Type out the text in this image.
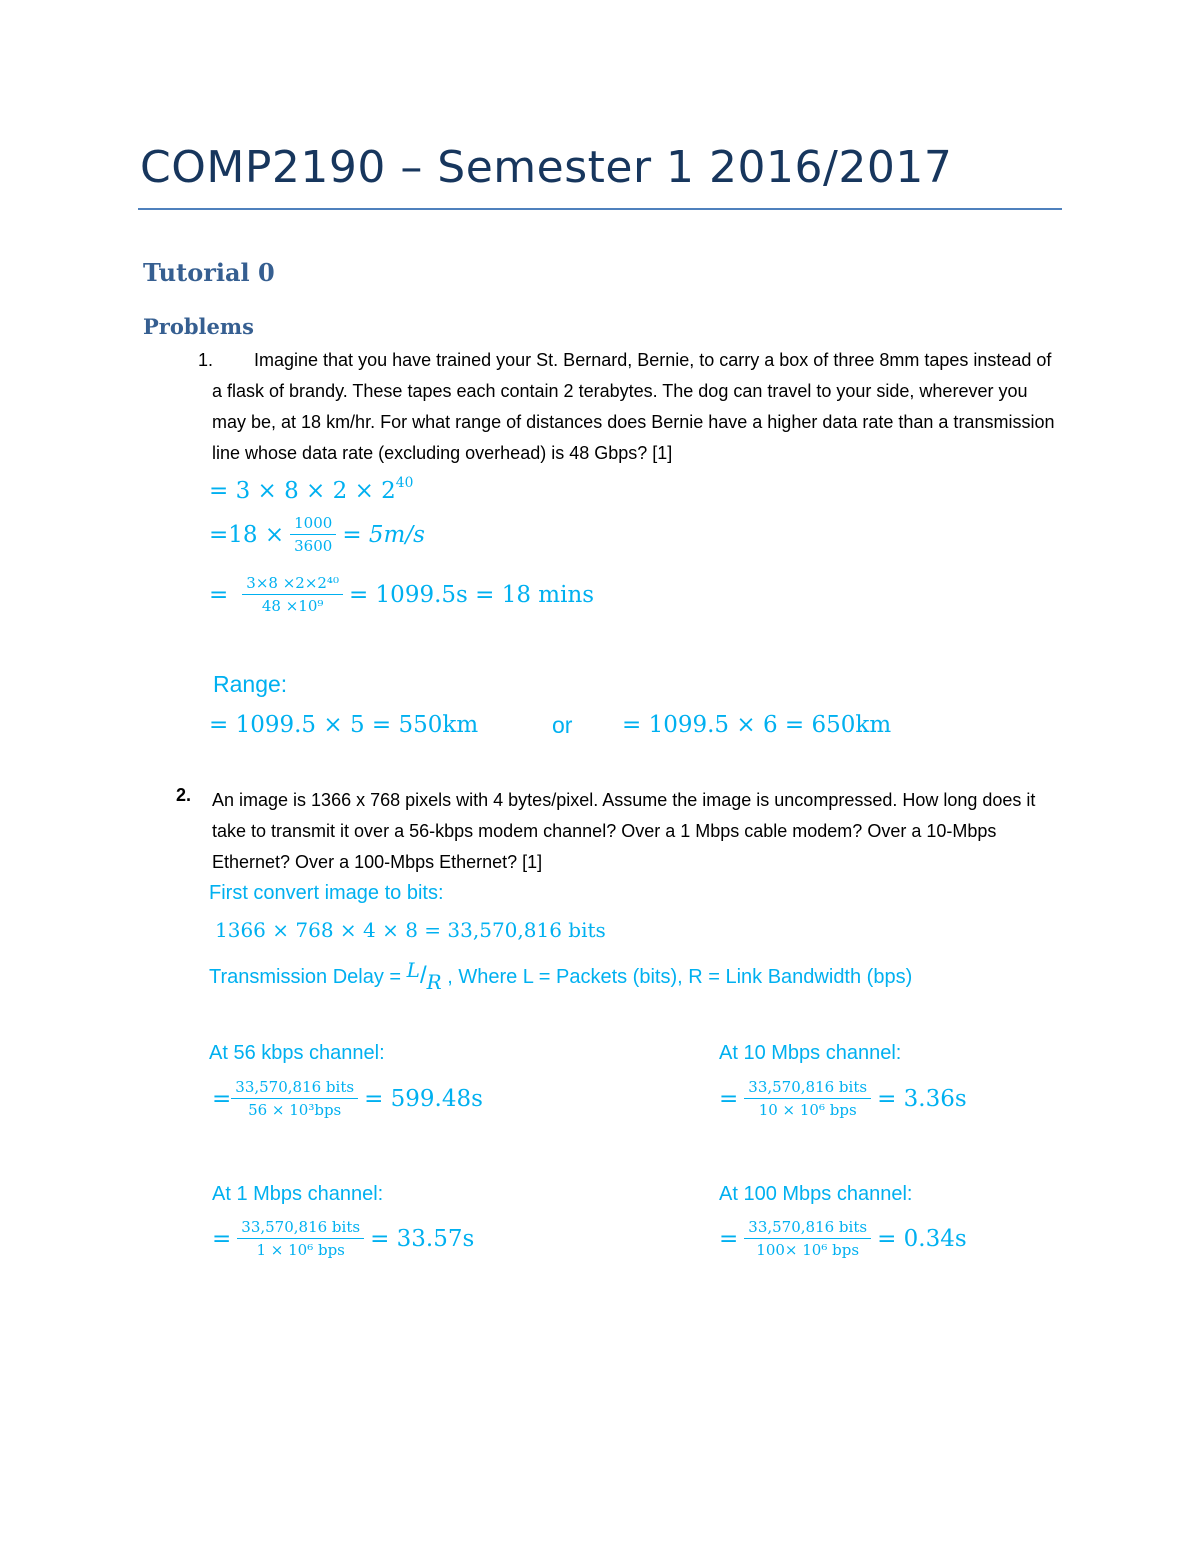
COMP2190 – Semester 1 2016/2017
Tutorial 0
Problems
1. Imagine that you have trained your St. Bernard, Bernie, to carry a box of three 8mm tapes instead of a flask of brandy. These tapes each contain 2 terabytes. The dog can travel to your side, wherever you may be, at 18 km/hr. For what range of distances does Bernie have a higher data rate than a transmission line whose data rate (excluding overhead) is 48 Gbps? [1]
= $3 \times 8 \times 2 \times 2^{40}$
$=18 \times \frac{1000}{3600} = 5m/s$
= $\frac{\text{3×8 ×2×2⁴⁰}}{\text{48 ×10⁹}} = 1099.5s = 18$ mins
Range:
= 1099.5 × 5 = 550km	or = 1099.5 × 6 = 650km
2. An image is 1366 x 768 pixels with 4 bytes/pixel. Assume the image is uncompressed. How long does it take to transmit it over a 56-kbps modem channel? Over a 1 Mbps cable modem? Over a 10-Mbps Ethernet? Over a 100-Mbps Ethernet? [1]
First convert image to bits:
1366 × 768 × 4 × 8 = 33,570,816 bits
Transmission Delay = L/R , Where L = Packets (bits), R = Link Bandwidth (bps)
At 56 kbps channel:
= $\frac{\text{33,570,816 bits}}{\text{56 × 10³bps}} = 599.48s$
At 10 Mbps channel:
= $\frac{\text{33,570,816 bits}}{\text{10 × 10⁶ bps}} = 3.36s$
At 1 Mbps channel:
= $\frac{\text{33,570,816 bits}}{\text{1 × 10⁶ bps}} = 33.57s$
At 100 Mbps channel:
= $\frac{\text{33,570,816 bits}}{\text{100× 10⁶ bps}} = 0.34s$
